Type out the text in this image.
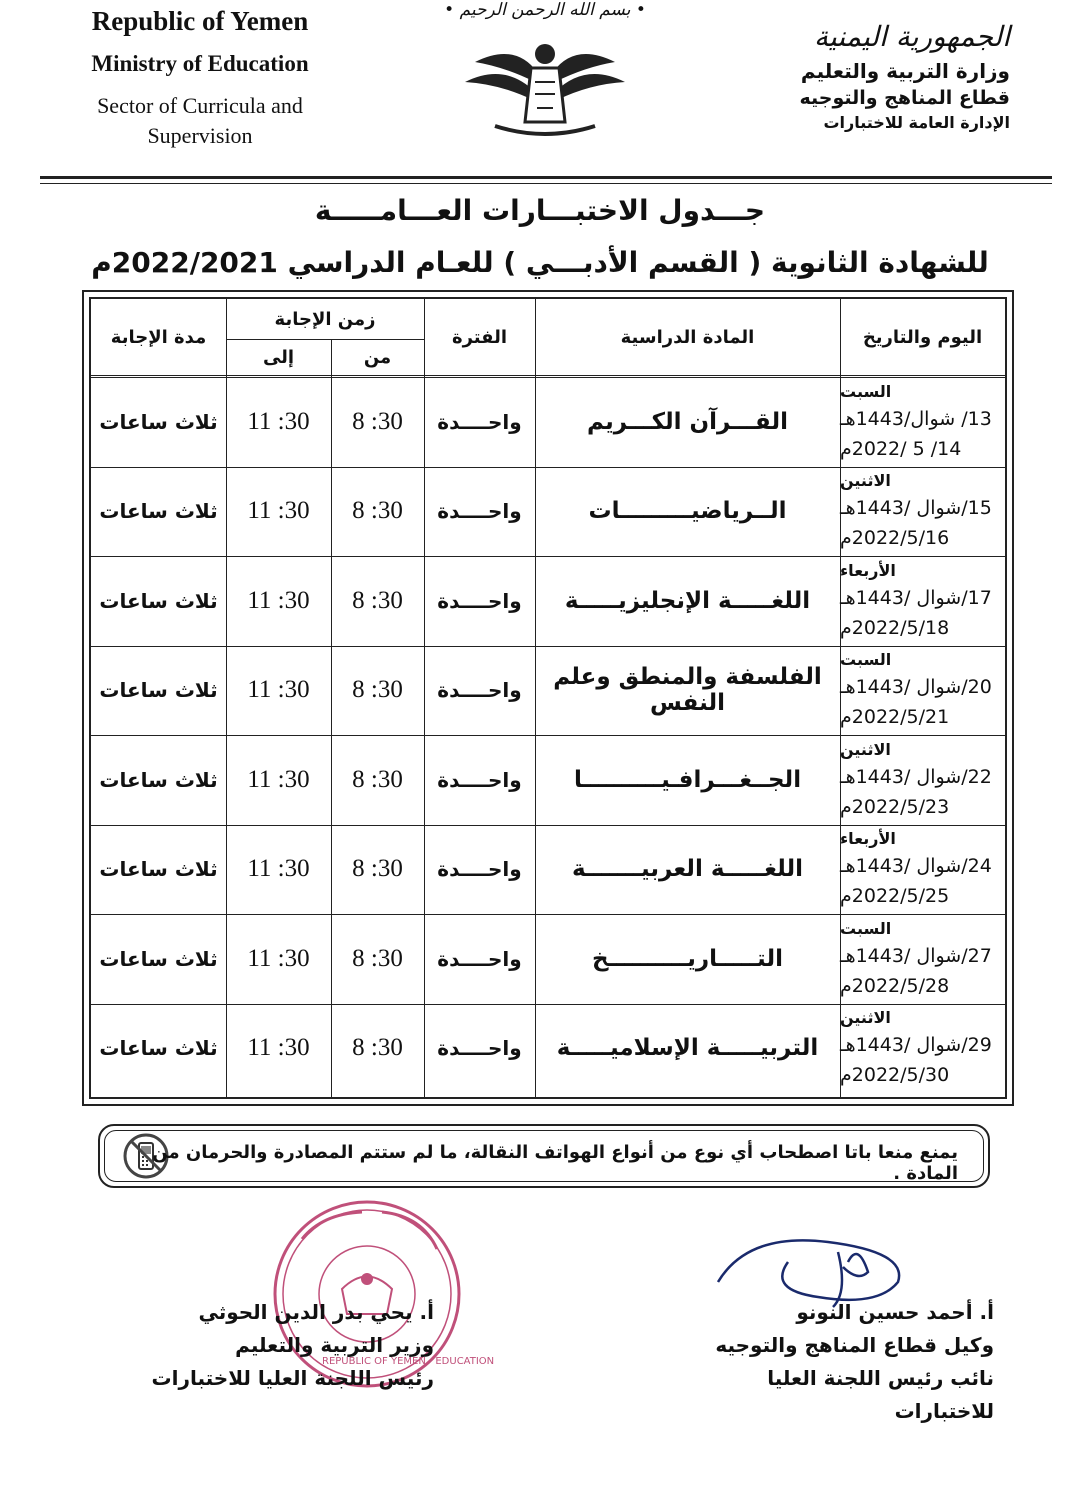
Republic of Yemen
Ministry of Education
Sector of Curricula and
Supervision
• بسم الله الرحمن الرحيم •
الجمهورية اليمنية
وزارة التربية والتعليم
قطاع المناهج والتوجيه
الإدارة العامة للاختبارات
جـــدول الاختبـــارات العـــامـــــة
للشهادة الثانوية ( القسم الأدبـــي ) للعـام الدراسي 2022/2021م
مدة الإجابة
زمن الإجابة
إلى	من
الفترة	المادة الدراسية	اليوم والتاريخ
ثلاث ساعات	11 :30	8 :30	واحــــدة	القـــرآن الكـــريم
السبت
13/ شوال/1443هـ
14/ 5 /2022م
ثلاث ساعات	11 :30	8 :30	واحــــدة	الــرياضيـــــــــات
الاثنين
15/شوال /1443هـ
2022/5/16م
ثلاث ساعات	11 :30	8 :30	واحــــدة	اللغـــــة الإنجليزيـــــة
الأربعاء
17/شوال /1443هـ
2022/5/18م
ثلاث ساعات	11 :30	8 :30	واحــــدة	الفلسفة والمنطق وعلم النفس
السبت
20/شوال /1443هـ
2022/5/21م
ثلاث ساعات	11 :30	8 :30	واحــــدة	الجــغـــرافـيــــــــــا
الاثنين
22/شوال /1443هـ
2022/5/23م
ثلاث ساعات	11 :30	8 :30	واحــــدة	اللغـــــة العربيـــــــة
الأربعاء
24/شوال /1443هـ
2022/5/25م
ثلاث ساعات	11 :30	8 :30	واحــــدة	التـــــاريــــــــــخ
السبت
27/شوال /1443هـ
2022/5/28م
ثلاث ساعات	11 :30	8 :30	واحــــدة	التربيـــــة الإسلاميـــــة
الاثنين
29/شوال /1443هـ
2022/5/30م
يمنع منعا باتا اصطحاب أي نوع من أنواع الهواتف النقالة، ما لم ستتم المصادرة والحرمان من المادة .
REPUBLIC OF YEMEN · EDUCATION
أ. أحمد حسين النونو
وكيل قطاع المناهج والتوجيه
نائب رئيس اللجنة العليا للاختبارات
أ. يحي بدر الدين الحوثي
وزير التربية والتعليم
رئيس اللجنة العليا للاختبارات
